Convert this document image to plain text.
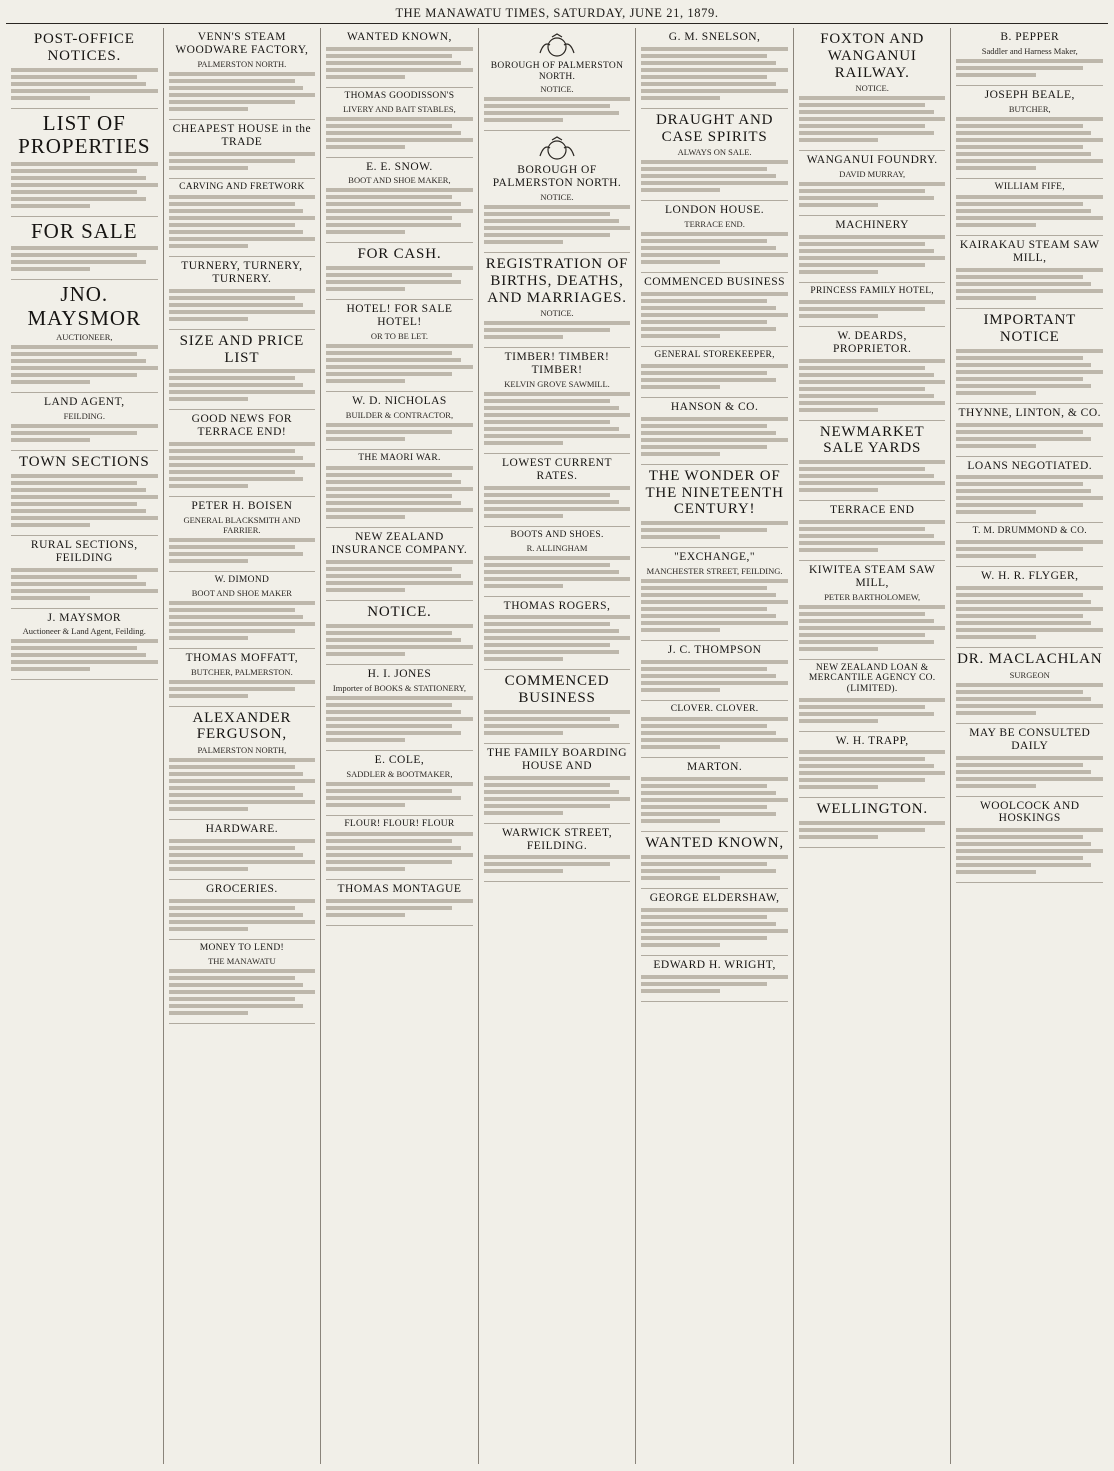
THE MANAWATU TIMES, SATURDAY, JUNE 21, 1879.
POST-OFFICE NOTICES.
LIST OF PROPERTIES
FOR SALE
JNO. MAYSMOR
AUCTIONEER,
LAND AGENT,
FEILDING.
TOWN SECTIONS
RURAL SECTIONS, FEILDING
J. MAYSMOR
Auctioneer & Land Agent, Feilding.
VENN'S STEAM WOODWARE FACTORY,
PALMERSTON NORTH.
CHEAPEST HOUSE in the TRADE
CARVING AND FRETWORK
TURNERY, TURNERY, TURNERY.
SIZE AND PRICE LIST
GOOD NEWS FOR TERRACE END!
PETER H. BOISEN
GENERAL BLACKSMITH AND FARRIER.
W. DIMOND
BOOT AND SHOE MAKER
THOMAS MOFFATT,
BUTCHER, PALMERSTON.
ALEXANDER FERGUSON,
PALMERSTON NORTH,
HARDWARE.
GROCERIES.
MONEY TO LEND!
THE MANAWATU
WANTED KNOWN,
THOMAS GOODISSON'S
LIVERY AND BAIT STABLES,
E. E. SNOW.
BOOT AND SHOE MAKER,
FOR CASH.
HOTEL! FOR SALE HOTEL!
OR TO BE LET.
W. D. NICHOLAS
BUILDER & CONTRACTOR,
THE MAORI WAR.
NEW ZEALAND INSURANCE COMPANY.
NOTICE.
H. I. JONES
Importer of BOOKS & STATIONERY,
E. COLE,
SADDLER & BOOTMAKER,
FLOUR! FLOUR! FLOUR
THOMAS MONTAGUE
BOROUGH OF PALMERSTON NORTH.
NOTICE.
BOROUGH OF PALMERSTON NORTH.
NOTICE.
REGISTRATION OF BIRTHS, DEATHS, AND MARRIAGES.
NOTICE.
TIMBER! TIMBER! TIMBER!
KELVIN GROVE SAWMILL.
LOWEST CURRENT RATES.
BOOTS AND SHOES.
R. ALLINGHAM
THOMAS ROGERS,
COMMENCED BUSINESS
THE FAMILY BOARDING HOUSE AND
WARWICK STREET, FEILDING.
G. M. SNELSON,
DRAUGHT AND CASE SPIRITS
ALWAYS ON SALE.
LONDON HOUSE.
TERRACE END.
COMMENCED BUSINESS
GENERAL STOREKEEPER,
HANSON & CO.
THE WONDER OF THE NINETEENTH CENTURY!
"EXCHANGE,"
MANCHESTER STREET, FEILDING.
J. C. THOMPSON
CLOVER. CLOVER.
MARTON.
WANTED KNOWN,
GEORGE ELDERSHAW,
EDWARD H. WRIGHT,
FOXTON AND WANGANUI RAILWAY.
NOTICE.
WANGANUI FOUNDRY.
DAVID MURRAY,
MACHINERY
PRINCESS FAMILY HOTEL,
W. DEARDS, PROPRIETOR.
NEWMARKET SALE YARDS
TERRACE END
KIWITEA STEAM SAW MILL,
PETER BARTHOLOMEW,
NEW ZEALAND LOAN & MERCANTILE AGENCY CO. (LIMITED).
W. H. TRAPP,
WELLINGTON.
B. PEPPER
Saddler and Harness Maker,
JOSEPH BEALE,
BUTCHER,
WILLIAM FIFE,
KAIRAKAU STEAM SAW MILL,
IMPORTANT NOTICE
THYNNE, LINTON, & CO.
LOANS NEGOTIATED.
T. M. DRUMMOND & CO.
W. H. R. FLYGER,
DR. MACLACHLAN
SURGEON
MAY BE CONSULTED DAILY
WOOLCOCK AND HOSKINGS
